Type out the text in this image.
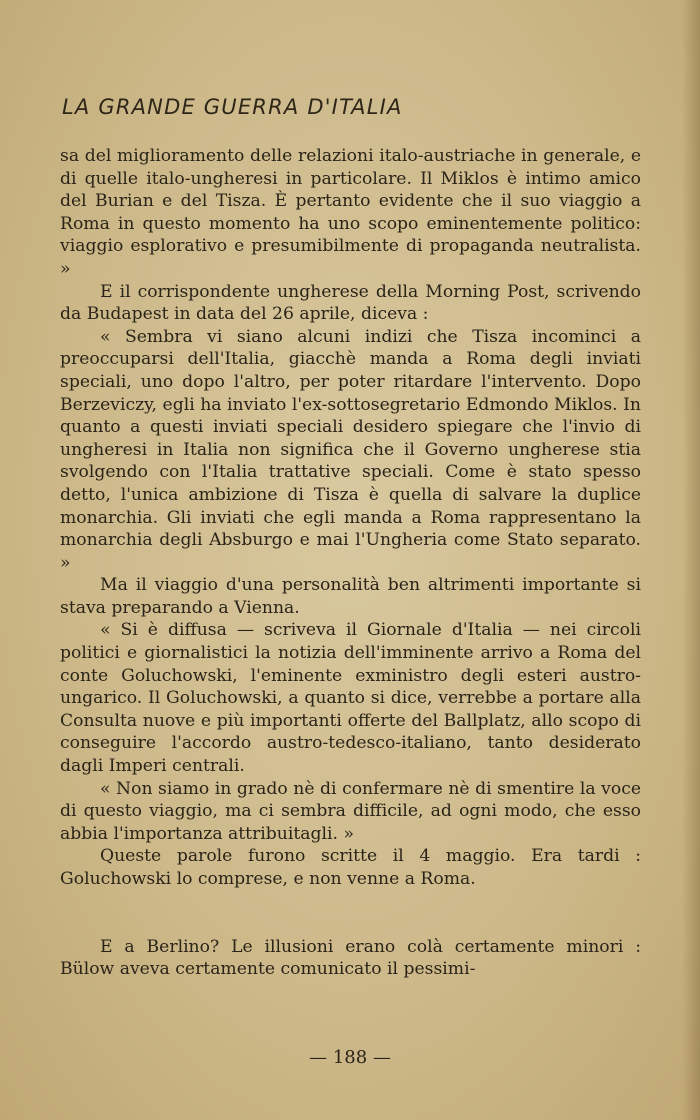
LA GRANDE GUERRA D'ITALIA

sa del miglioramento delle relazioni italo-austriache in generale, e di quelle italo-ungheresi in particolare. Il Miklos è intimo amico del Burian e del Tisza. È pertanto evidente che il suo viaggio a Roma in questo momento ha uno scopo eminentemente politico: viaggio esplorativo e presumibilmente di propaganda neutralista. »

E il corrispondente ungherese della Morning Post, scrivendo da Budapest in data del 26 aprile, diceva :

« Sembra vi siano alcuni indizi che Tisza incominci a preoccuparsi dell'Italia, giacchè manda a Roma degli inviati speciali, uno dopo l'altro, per poter ritardare l'intervento. Dopo Berzeviczy, egli ha inviato l'ex-sottosegretario Edmondo Miklos. In quanto a questi inviati speciali desidero spiegare che l'invio di ungheresi in Italia non significa che il Governo ungherese stia svolgendo con l'Italia trattative speciali. Come è stato spesso detto, l'unica ambizione di Tisza è quella di salvare la duplice monarchia. Gli inviati che egli manda a Roma rappresentano la monarchia degli Absburgo e mai l'Ungheria come Stato separato. »

Ma il viaggio d'una personalità ben altrimenti importante si stava preparando a Vienna.

« Si è diffusa — scriveva il Giornale d'Italia — nei circoli politici e giornalistici la notizia dell'imminente arrivo a Roma del conte Goluchowski, l'eminente exministro degli esteri austro-ungarico. Il Goluchowski, a quanto si dice, verrebbe a portare alla Consulta nuove e più importanti offerte del Ballplatz, allo scopo di conseguire l'accordo austro-tedesco-italiano, tanto desiderato dagli Imperi centrali.

« Non siamo in grado nè di confermare nè di smentire la voce di questo viaggio, ma ci sembra difficile, ad ogni modo, che esso abbia l'importanza attribuitagli. »

Queste parole furono scritte il 4 maggio. Era tardi : Goluchowski lo comprese, e non venne a Roma.

E a Berlino? Le illusioni erano colà certamente minori : Bülow aveva certamente comunicato il pessimi-

— 188 —
